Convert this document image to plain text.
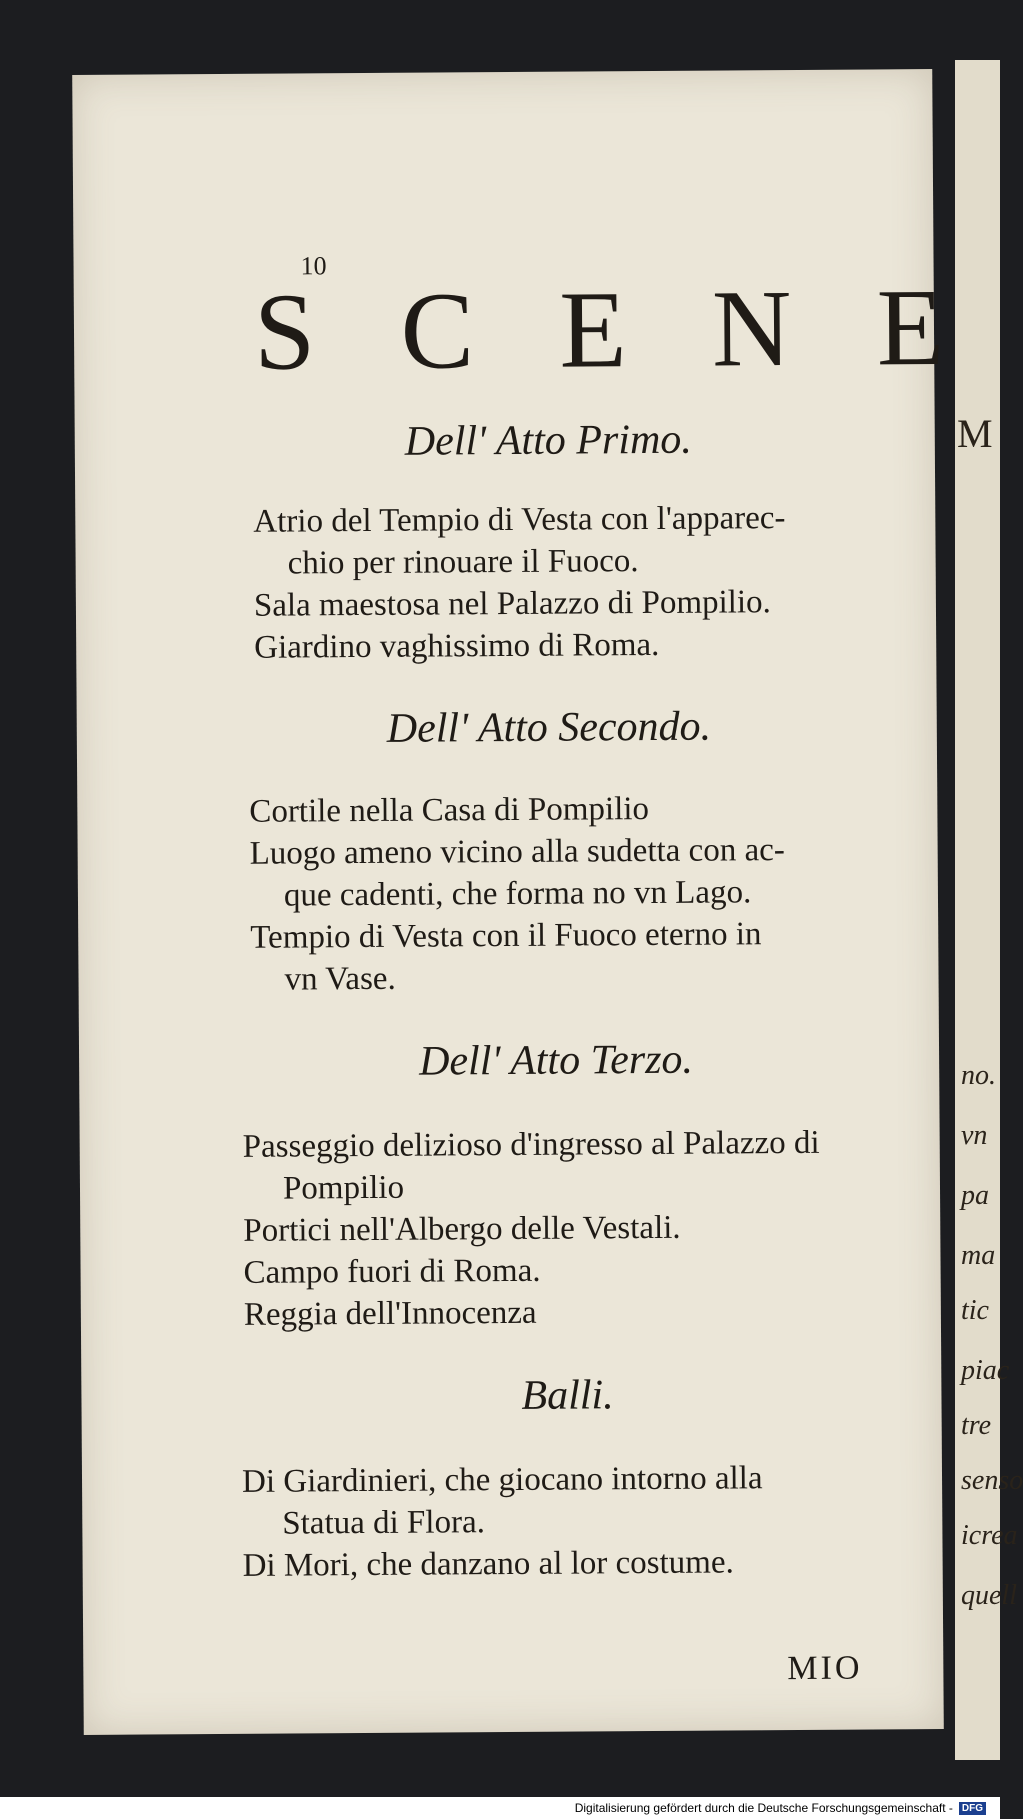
M
no.
vn
pa
ma
tic
piac
tre
senso
icrea
quell
10
S C E N E
Dell' Atto Primo.
Atrio del Tempio di Vesta con l'apparec-
chio per rinouare il Fuoco.
Sala maestosa nel Palazzo di Pompilio.
Giardino vaghissimo di Roma.
Dell' Atto Secondo.
Cortile nella Casa di Pompilio
Luogo ameno vicino alla sudetta con ac-
que cadenti, che forma no vn Lago.
Tempio di Vesta con il Fuoco eterno in
vn Vase.
Dell' Atto Terzo.
Passeggio delizioso d'ingresso al Palazzo di
Pompilio
Portici nell'Albergo delle Vestali.
Campo fuori di Roma.
Reggia dell'Innocenza
Balli.
Di Giardinieri, che giocano intorno alla
Statua di Flora.
Di Mori, che danzano al lor costume.
MIO
Digitalisierung gefördert durch die Deutsche Forschungsgemeinschaft - DFG
